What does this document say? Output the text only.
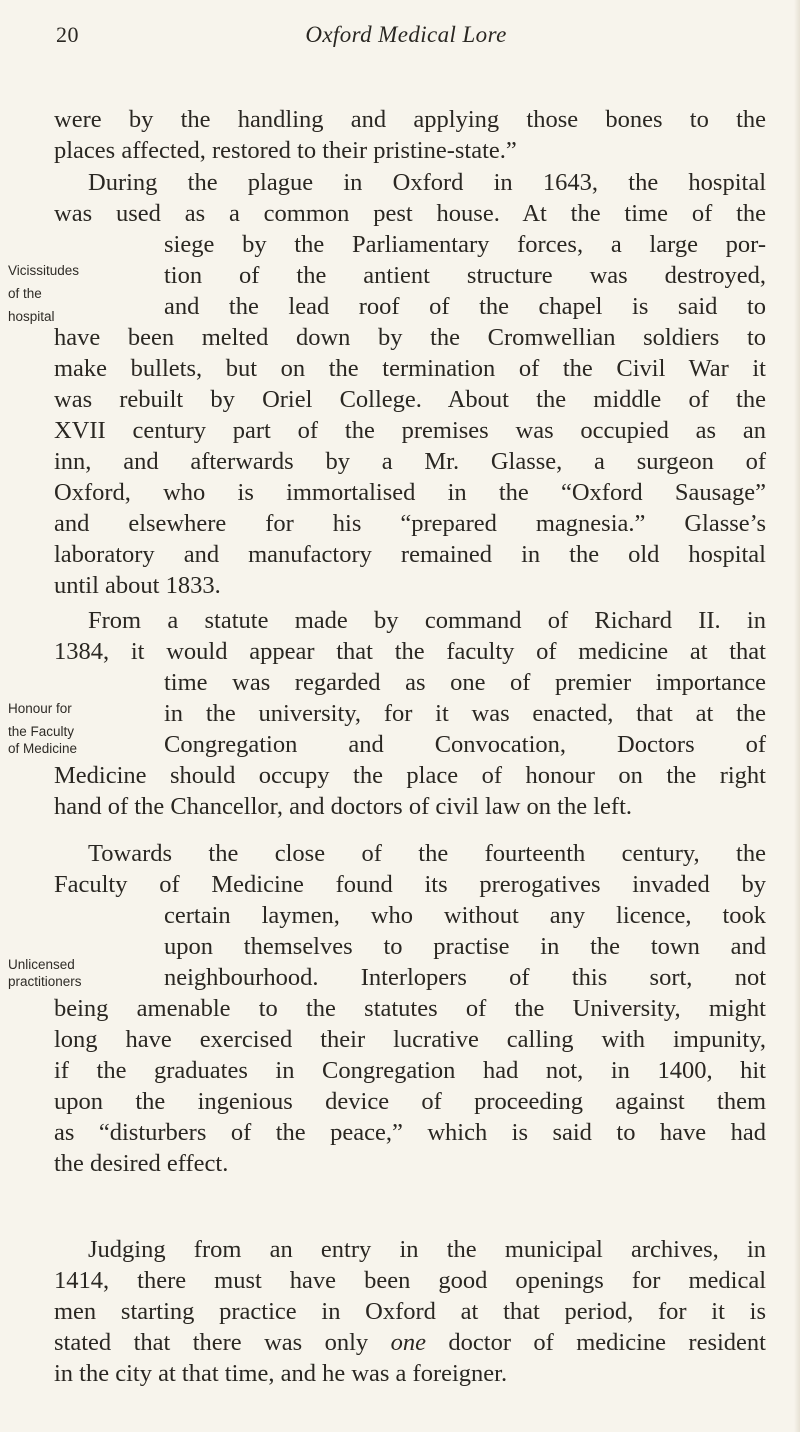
20	Oxford Medical Lore
were by the handling and applying those bones to the
places affected, restored to their pristine-state.”
During the plague in Oxford in 1643, the hospital
was used as a common pest house. At the time of the
siege by the Parliamentary forces, a large por-
tion of the antient structure was destroyed,
and the lead roof of the chapel is said to
have been melted down by the Cromwellian soldiers to
make bullets, but on the termination of the Civil War it
was rebuilt by Oriel College. About the middle of the
XVII century part of the premises was occupied as an
inn, and afterwards by a Mr. Glasse, a surgeon of
Oxford, who is immortalised in the “Oxford Sausage”
and elsewhere for his “prepared magnesia.” Glasse’s
laboratory and manufactory remained in the old hospital
until about 1833.
Vicissitudes
of the
hospital
From a statute made by command of Richard II. in
1384, it would appear that the faculty of medicine at that
time was regarded as one of premier importance
in the university, for it was enacted, that at the
Congregation and Convocation, Doctors of
Medicine should occupy the place of honour on the right
hand of the Chancellor, and doctors of civil law on the left.
Honour for
the Faculty
of Medicine
Towards the close of the fourteenth century, the
Faculty of Medicine found its prerogatives invaded by
certain laymen, who without any licence, took
upon themselves to practise in the town and
neighbourhood. Interlopers of this sort, not
being amenable to the statutes of the University, might
long have exercised their lucrative calling with impunity,
if the graduates in Congregation had not, in 1400, hit
upon the ingenious device of proceeding against them
as “disturbers of the peace,” which is said to have had
the desired effect.
Unlicensed
practitioners
Judging from an entry in the municipal archives, in
1414, there must have been good openings for medical
men starting practice in Oxford at that period, for it is
stated that there was only one doctor of medicine resident
in the city at that time, and he was a foreigner.
